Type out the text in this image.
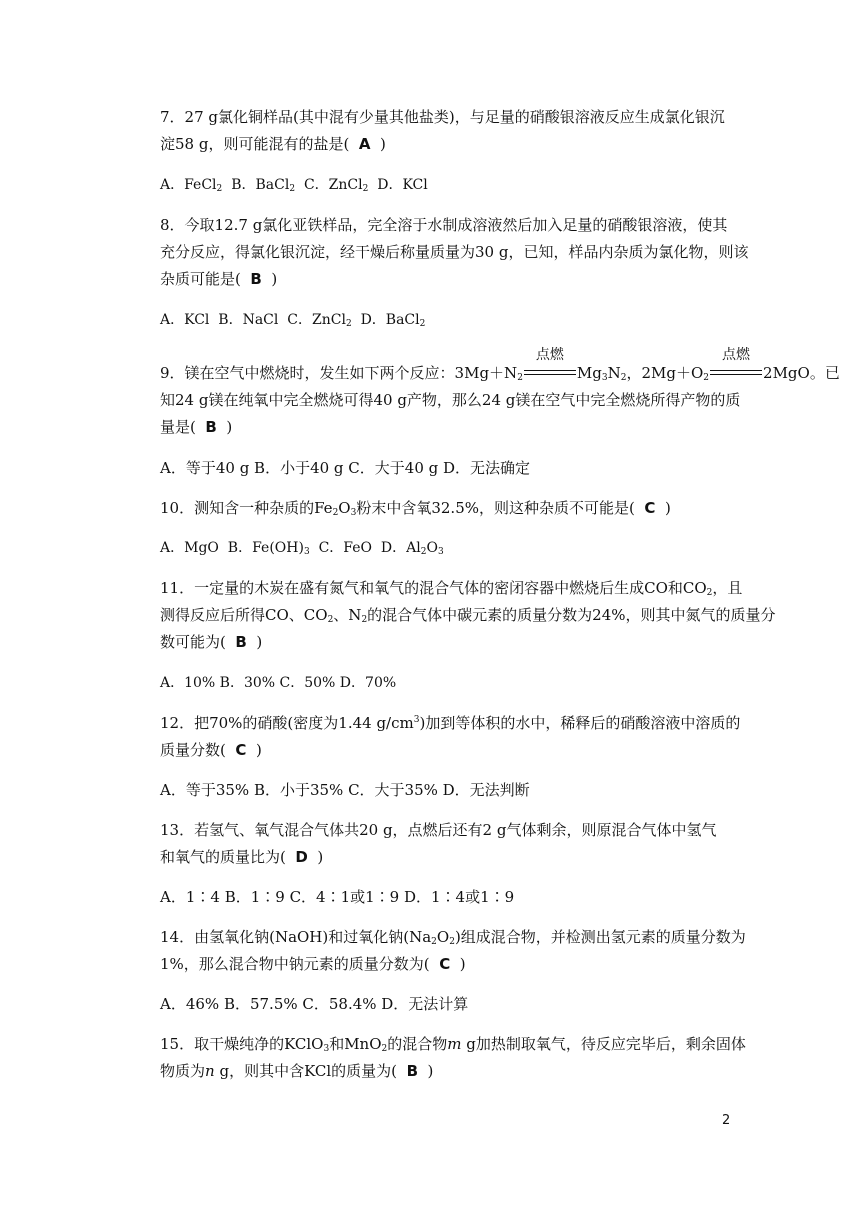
7．27 g氯化铜样品(其中混有少量其他盐类)，与足量的硝酸银溶液反应生成氯化银沉
淀58 g，则可能混有的盐是( A )
A．FeCl$_2$ B．BaCl$_2$ C．ZnCl$_2$ D．KCl
8．今取12.7 g氯化亚铁样品，完全溶于水制成溶液然后加入足量的硝酸银溶液，使其
充分反应，得氯化银沉淀，经干燥后称量质量为30 g，已知，样品内杂质为氯化物，则该
杂质可能是( B )
A．KCl B．NaCl C．ZnCl$_2$ D．BaCl$_2$
9．镁在空气中燃烧时，发生如下两个反应：$3Mg+N_2$
点燃
$Mg_3N_2$，$2Mg+O_2$
点燃
2MgO。已
知24 g镁在纯氧中完全燃烧可得40 g产物，那么24 g镁在空气中完全燃烧所得产物的质
量是( B )
A．等于40 g B．小于40 g C．大于40 g D．无法确定
10．测知含一种杂质的$Fe_2O_3$粉末中含氧32.5%，则这种杂质不可能是( C )
A．MgO B．$Fe(OH)_3$ C．FeO D．$Al_2O_3$
11．一定量的木炭在盛有氮气和氧气的混合气体的密闭容器中燃烧后生成CO和$CO_2$，且
测得反应后所得CO、$CO_2$、$N_2$的混合气体中碳元素的质量分数为24%，则其中氮气的质量分
数可能为( B )
A．10% B．30% C．50% D．70%
12．把70%的硝酸(密度为1.44 $g/cm^3$)加到等体积的水中，稀释后的硝酸溶液中溶质的
质量分数( C )
A．等于35% B．小于35% C．大于35% D．无法判断
13．若氢气、氧气混合气体共20 g，点燃后还有2 g气体剩余，则原混合气体中氢气
和氧气的质量比为( D )
A．1∶4 B．1∶9 C．4∶1或1∶9 D．1∶4或1∶9
14．由氢氧化钠(NaOH)和过氧化钠$(Na_2O_2)$组成混合物，并检测出氢元素的质量分数为
1%，那么混合物中钠元素的质量分数为( C )
A．46% B．57.5% C．58.4% D．无法计算
15．取干燥纯净的KClO$_3$和MnO$_2$的混合物m g加热制取氧气，待反应完毕后，剩余固体
物质为n g，则其中含KCl的质量为( B )
2
